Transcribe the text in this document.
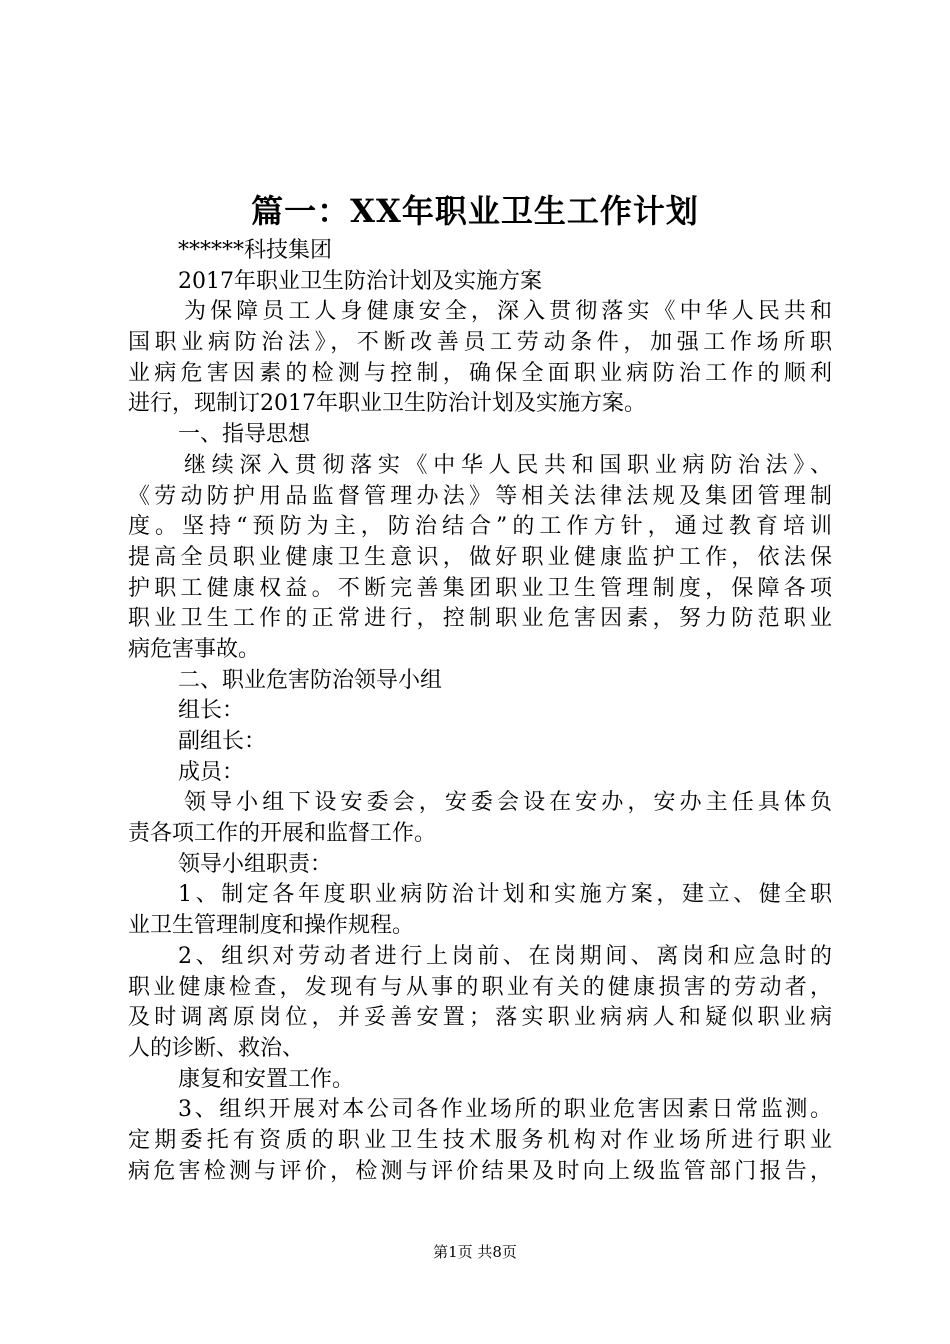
篇一：XX年职业卫生工作计划
******科技集团
2017年职业卫生防治计划及实施方案
为保障员工人身健康安全，深入贯彻落实《中华人民共和
国职业病防治法》，不断改善员工劳动条件，加强工作场所职
业病危害因素的检测与控制，确保全面职业病防治工作的顺利
进行，现制订2017年职业卫生防治计划及实施方案。
一、指导思想
继续深入贯彻落实《中华人民共和国职业病防治法》、
《劳动防护用品监督管理办法》等相关法律法规及集团管理制
度。坚持“预防为主，防治结合”的工作方针，通过教育培训
提高全员职业健康卫生意识，做好职业健康监护工作，依法保
护职工健康权益。不断完善集团职业卫生管理制度，保障各项
职业卫生工作的正常进行，控制职业危害因素，努力防范职业
病危害事故。
二、职业危害防治领导小组
组长：
副组长：
成员：
领导小组下设安委会，安委会设在安办，安办主任具体负
责各项工作的开展和监督工作。
领导小组职责：
1、制定各年度职业病防治计划和实施方案，建立、健全职
业卫生管理制度和操作规程。
2、组织对劳动者进行上岗前、在岗期间、离岗和应急时的
职业健康检查，发现有与从事的职业有关的健康损害的劳动者，
及时调离原岗位，并妥善安置；落实职业病病人和疑似职业病
人的诊断、救治、
康复和安置工作。
3、组织开展对本公司各作业场所的职业危害因素日常监测。
定期委托有资质的职业卫生技术服务机构对作业场所进行职业
病危害检测与评价，检测与评价结果及时向上级监管部门报告，
第1页 共8页
